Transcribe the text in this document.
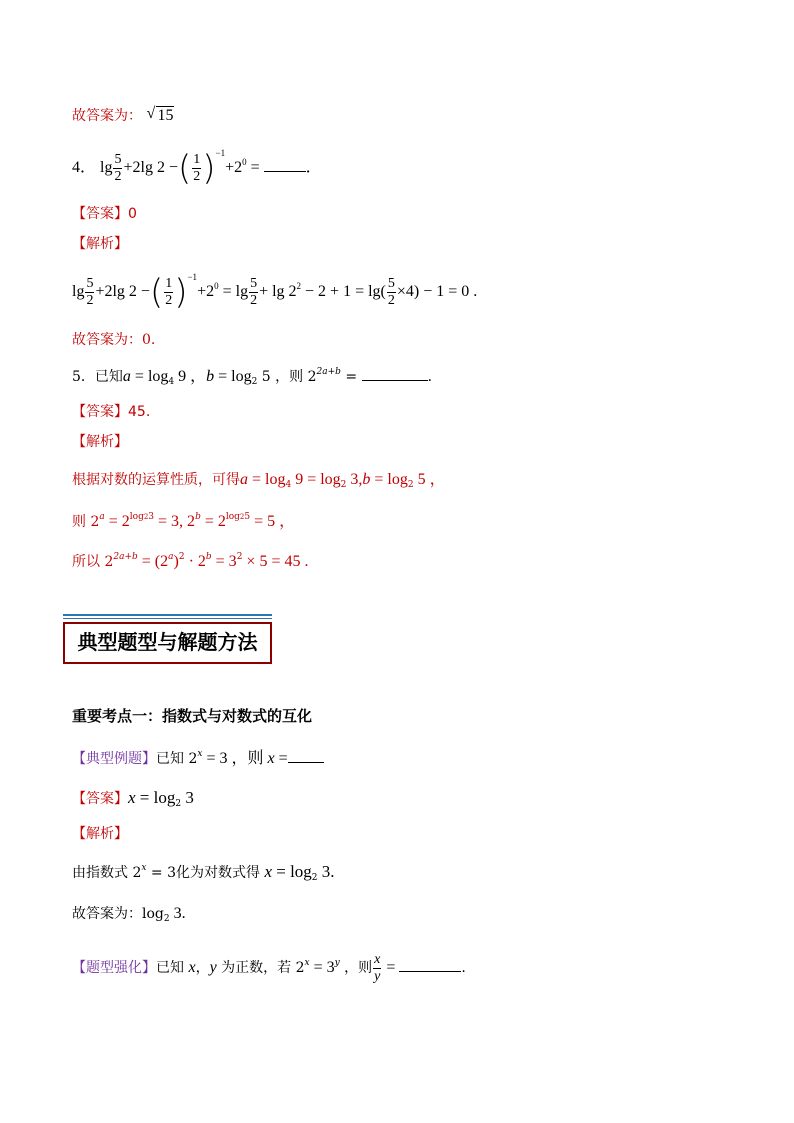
故答案为： √ 15
4． $\lg \frac{5}{2} +2\lg$ 2 −( $\frac{1}{2} )^{-1}+2^0$ =	．
【答案】0
【解析】
$\lg \frac{5}{2} +2\lg$ 2 −( $\frac{1}{2} )^{-1}+2^0 = \lg \frac{5}{2} + \lg 2^2 - 2 + 1 = \lg( \frac{5}{2} \times 4) - 1 = 0$ .
故答案为：0.
5．已知$a = \log_4 9$ ，$b = \log_2 5$ ，则 $2^{2a+b}$ =	．
【答案】45.
【解析】
根据对数的运算性质，可得$a = \log_4 9 = \log_2 3,b = \log_2 5$ ，
则 $2^a = 2^{log23} = 3$, $2^b = 2^{log25} = 5$ ，
所以 $2^{2a+b} = (2^a)^2 \cdot 2^b = 3^2 \times 5 = 45$ .
典型题型与解题方法
重要考点一：指数式与对数式的互化
【典型例题】已知 $2^x = 3$ ，则 x =
【答案】$x = \log_2 3$
【解析】
由指数式 $2^x = 3$化为对数式得 $x = \log_2 3$.
故答案为：$\log_2 3$.
【题型强化】已知 x，y 为正数，若 $2^x = 3^y$ ，则 $\frac{x}{y}$ =	.
